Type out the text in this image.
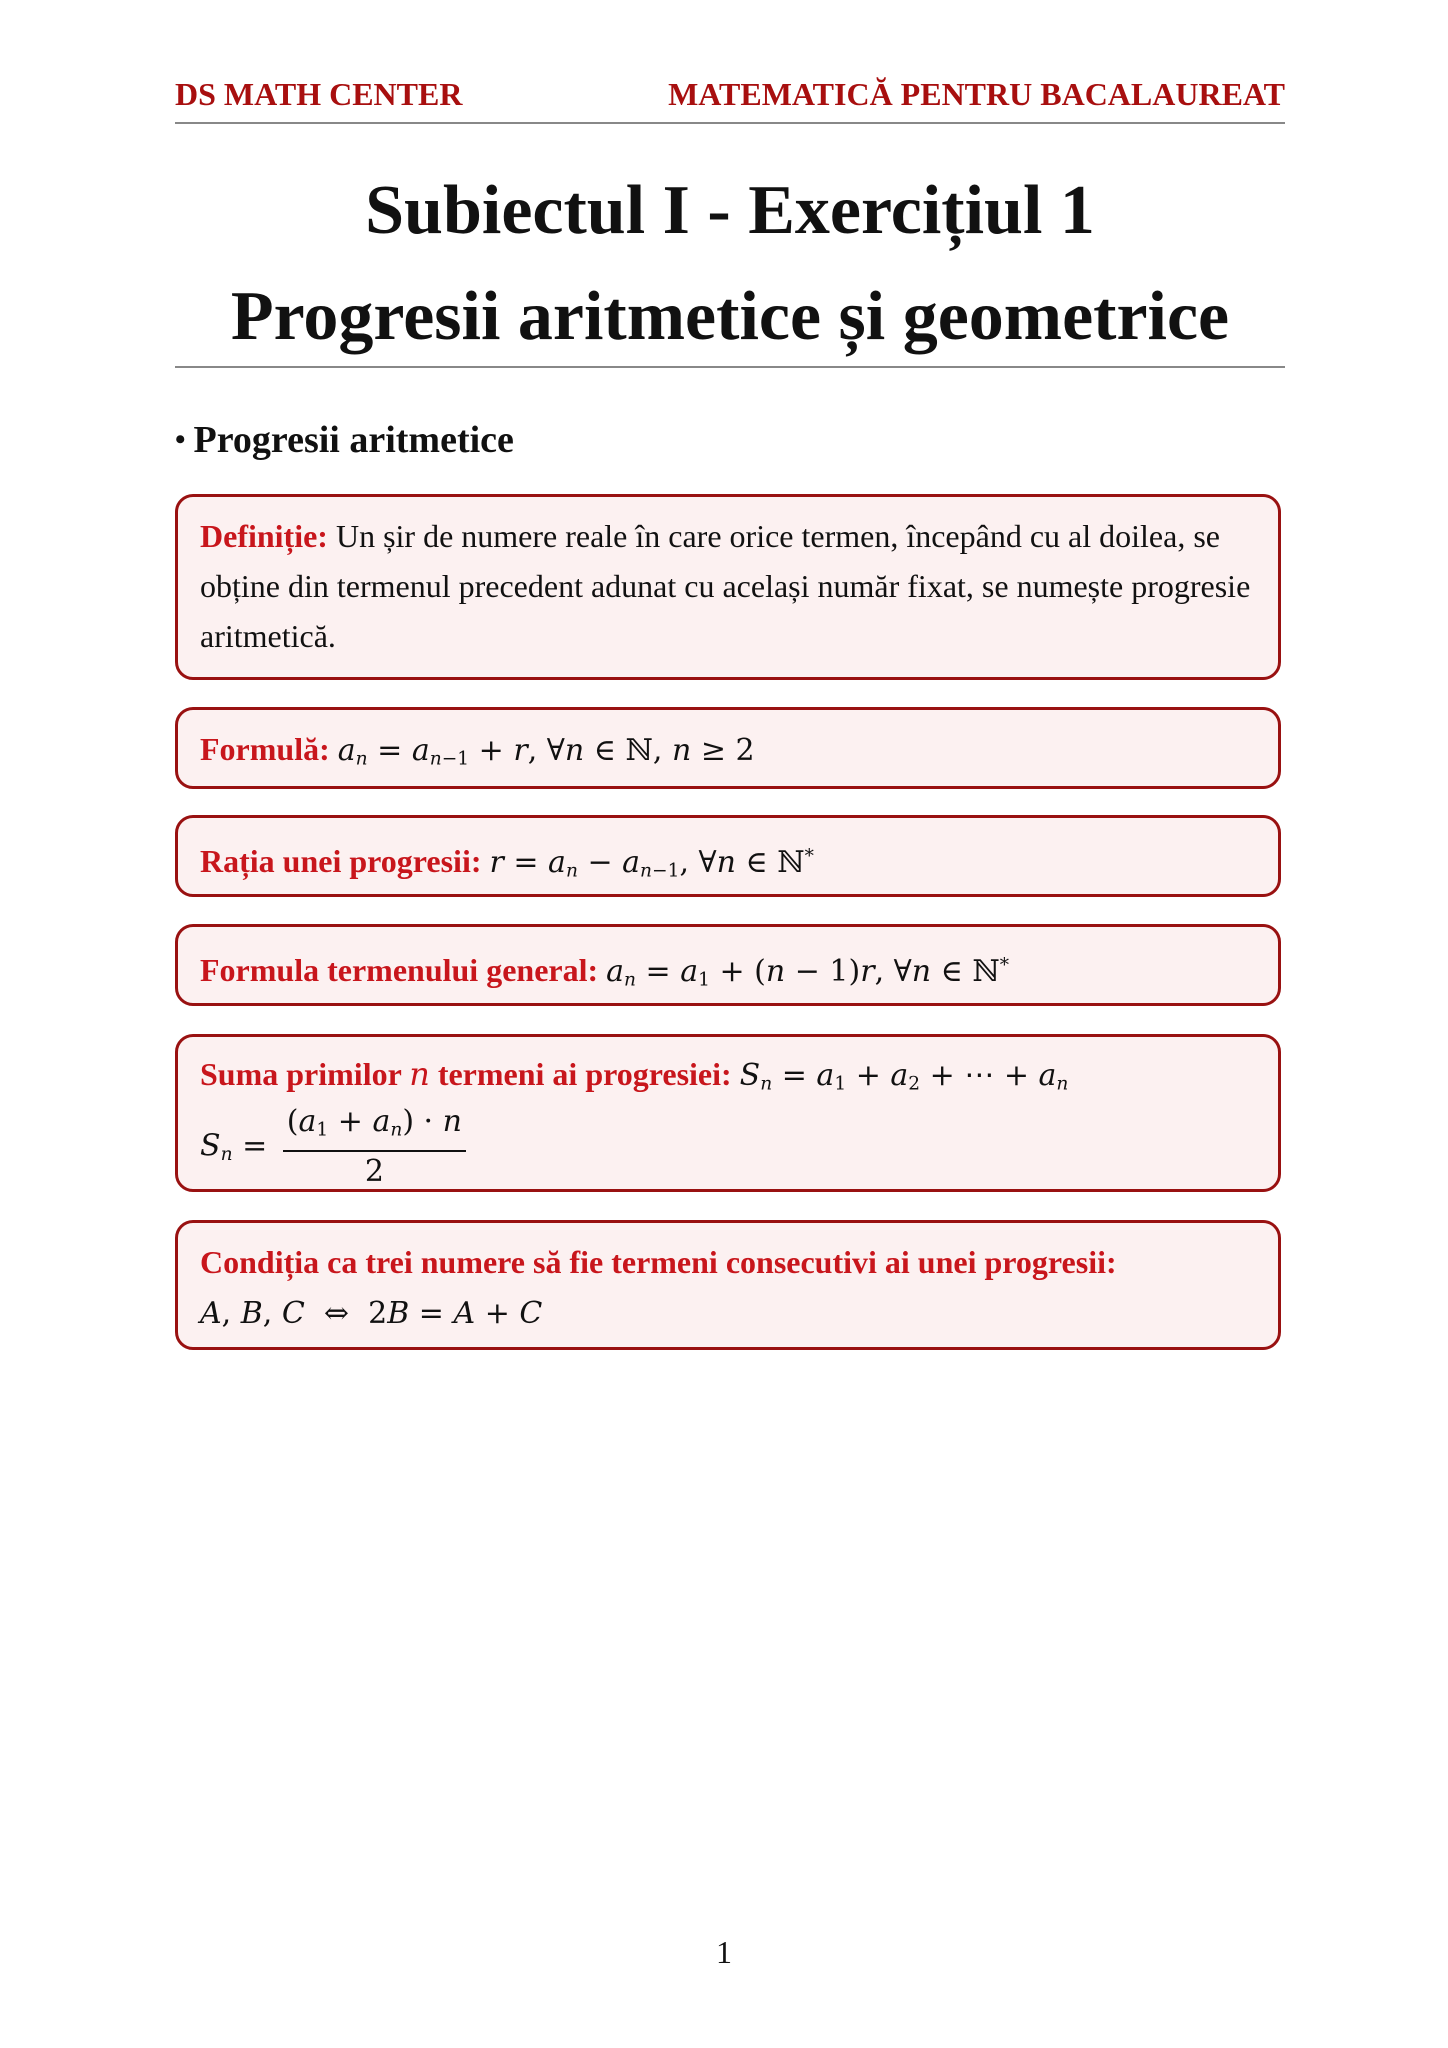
DS MATH CENTER	MATEMATICĂ PENTRU BACALAUREAT
Subiectul I - Exercițiul 1
Progresii aritmetice și geometrice
• Progresii aritmetice
Definiție: Un șir de numere reale în care orice termen, începând cu al doilea, se obține din termenul precedent adunat cu același număr fixat, se numește progresie aritmetică.
Formulă: $a_n = a_{n-1} + r$, ∀n ∈ ℕ, n ≥ 2
Rația unei progresii: $r = a_n - a_{n-1}$, ∀n ∈ ℕ*
Formula termenului general: $a_n = a_1 + (n - 1)r$, ∀n ∈ ℕ*
Suma primilor n termeni ai progresiei: $S_n = a_1 + a_2$ + ⋯ + $a_n$
$S_n = \frac{(a_1 + a_n) \cdot n}{2}$
Condiția ca trei numere să fie termeni consecutivi ai unei progresii:
A, B, C  ⇔  2B = A + C
1
